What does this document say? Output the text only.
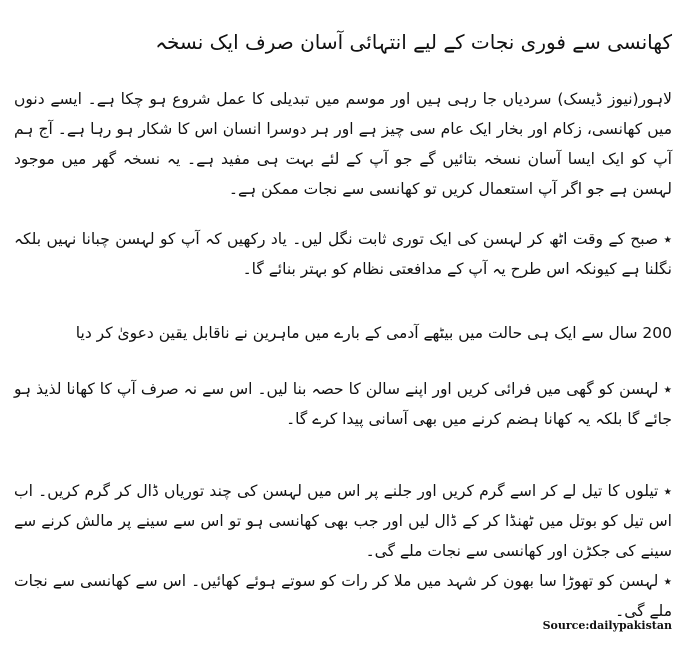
کھانسی سے فوری نجات کے لیے انتہائی آسان صرف ایک نسخہ

لاہور(نیوز ڈیسک) سردیاں جا رہی ہیں اور موسم میں تبدیلی کا عمل شروع ہو چکا ہے۔ ایسے دنوں میں کھانسی، زکام اور بخار ایک عام سی چیز ہے اور ہر دوسرا انسان اس کا شکار ہو رہا ہے۔ آج ہم آپ کو ایک ایسا آسان نسخہ بتائیں گے جو آپ کے لئے بہت ہی مفید ہے۔ یہ نسخہ گھر میں موجود لہسن ہے جو اگر آپ استعمال کریں تو کھانسی سے نجات ممکن ہے۔

٭ صبح کے وقت اٹھ کر لہسن کی ایک توری ثابت نگل لیں۔ یاد رکھیں کہ آپ کو لہسن چبانا نہیں بلکہ نگلنا ہے کیونکہ اس طرح یہ آپ کے مدافعتی نظام کو بہتر بنائے گا۔

200 سال سے ایک ہی حالت میں بیٹھے آدمی کے بارے میں ماہرین نے ناقابل یقین دعویٰ کر دیا

٭ لہسن کو گھی میں فرائی کریں اور اپنے سالن کا حصہ بنا لیں۔ اس سے نہ صرف آپ کا کھانا لذیذ ہو جائے گا بلکہ یہ کھانا ہضم کرنے میں بھی آسانی پیدا کرے گا۔

٭ تیلوں کا تیل لے کر اسے گرم کریں اور جلنے پر اس میں لہسن کی چند توریاں ڈال کر گرم کریں۔ اب اس تیل کو بوتل میں ٹھنڈا کر کے ڈال لیں اور جب بھی کھانسی ہو تو اس سے سینے پر مالش کرنے سے سینے کی جکڑن اور کھانسی سے نجات ملے گی۔

٭ لہسن کو تھوڑا سا بھون کر شہد میں ملا کر رات کو سوتے ہوئے کھائیں۔ اس سے کھانسی سے نجات ملے گی۔

Source:dailypakistan
